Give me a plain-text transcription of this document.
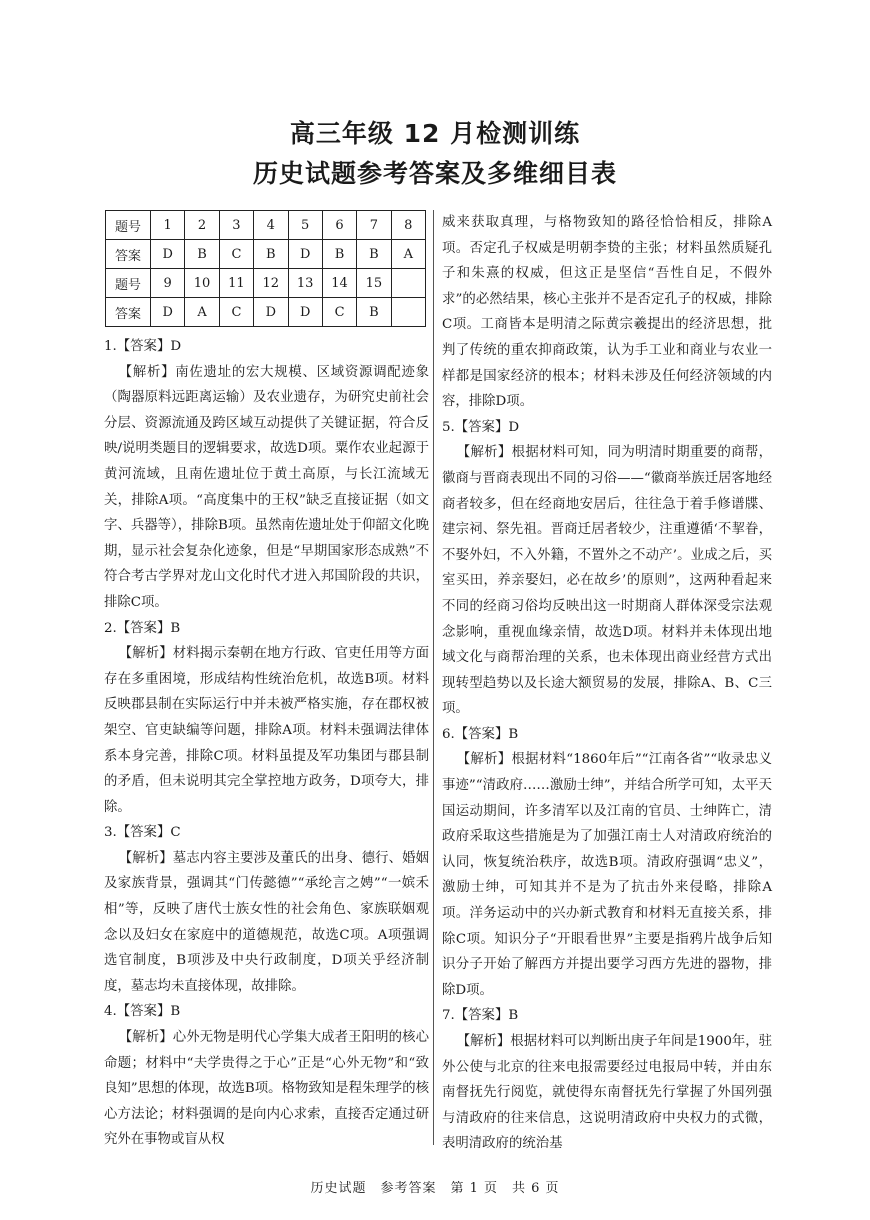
高三年级 12 月检测训练
历史试题参考答案及多维细目表
题号	1	2	3	4	5	6	7	8
答案	D	B	C	B	D	B	B	A
题号	9	10	11	12	13	14	15	
答案	D	A	C	D	D	C	B	

1.【答案】D

【解析】南佐遗址的宏大规模、区域资源调配迹象（陶器原料远距离运输）及农业遗存，为研究史前社会分层、资源流通及跨区域互动提供了关键证据，符合反映/说明类题目的逻辑要求，故选D项。粟作农业起源于黄河流域，且南佐遗址位于黄土高原，与长江流域无关，排除A项。“高度集中的王权”缺乏直接证据（如文字、兵器等），排除B项。虽然南佐遗址处于仰韶文化晚期，显示社会复杂化迹象，但是“早期国家形态成熟”不符合考古学界对龙山文化时代才进入邦国阶段的共识，排除C项。

2.【答案】B

【解析】材料揭示秦朝在地方行政、官吏任用等方面存在多重困境，形成结构性统治危机，故选B项。材料反映郡县制在实际运行中并未被严格实施，存在郡权被架空、官吏缺编等问题，排除A项。材料未强调法律体系本身完善，排除C项。材料虽提及军功集团与郡县制的矛盾，但未说明其完全掌控地方政务，D项夸大，排除。

3.【答案】C

【解析】墓志内容主要涉及董氏的出身、德行、婚姻及家族背景，强调其“门传懿德”“承纶言之娉”“一嫔禾相”等，反映了唐代士族女性的社会角色、家族联姻观念以及妇女在家庭中的道德规范，故选C项。A项强调选官制度，B项涉及中央行政制度，D项关乎经济制度，墓志均未直接体现，故排除。

4.【答案】B

【解析】心外无物是明代心学集大成者王阳明的核心命题；材料中“夫学贵得之于心”正是“心外无物”和“致良知”思想的体现，故选B项。格物致知是程朱理学的核心方法论；材料强调的是向内心求索，直接否定通过研究外在事物或盲从权

威来获取真理，与格物致知的路径恰恰相反，排除A项。否定孔子权威是明朝李贽的主张；材料虽然质疑孔子和朱熹的权威，但这正是坚信“吾性自足，不假外求”的必然结果，核心主张并不是否定孔子的权威，排除C项。工商皆本是明清之际黄宗羲提出的经济思想，批判了传统的重农抑商政策，认为手工业和商业与农业一样都是国家经济的根本；材料未涉及任何经济领域的内容，排除D项。

5.【答案】D

【解析】根据材料可知，同为明清时期重要的商帮，徽商与晋商表现出不同的习俗——“徽商举族迁居客地经商者较多，但在经商地安居后，往往急于着手修谱牒、建宗祠、祭先祖。晋商迁居者较少，注重遵循‘不挈眷，不娶外妇，不入外籍，不置外之不动产’。业成之后，买室买田，养亲娶妇，必在故乡’的原则”，这两种看起来不同的经商习俗均反映出这一时期商人群体深受宗法观念影响，重视血缘亲情，故选D项。材料并未体现出地域文化与商帮治理的关系，也未体现出商业经营方式出现转型趋势以及长途大额贸易的发展，排除A、B、C三项。

6.【答案】B

【解析】根据材料“1860年后”“江南各省”“收录忠义事迹”“清政府……激励士绅”，并结合所学可知，太平天国运动期间，许多清军以及江南的官员、士绅阵亡，清政府采取这些措施是为了加强江南士人对清政府统治的认同，恢复统治秩序，故选B项。清政府强调“忠义”，激励士绅，可知其并不是为了抗击外来侵略，排除A项。洋务运动中的兴办新式教育和材料无直接关系，排除C项。知识分子“开眼看世界”主要是指鸦片战争后知识分子开始了解西方并提出要学习西方先进的器物，排除D项。

7.【答案】B

【解析】根据材料可以判断出庚子年间是1900年，驻外公使与北京的往来电报需要经过电报局中转，并由东南督抚先行阅览，就使得东南督抚先行掌握了外国列强与清政府的往来信息，这说明清政府中央权力的式微，表明清政府的统治基

历史试题　参考答案　第 1 页　共 6 页
